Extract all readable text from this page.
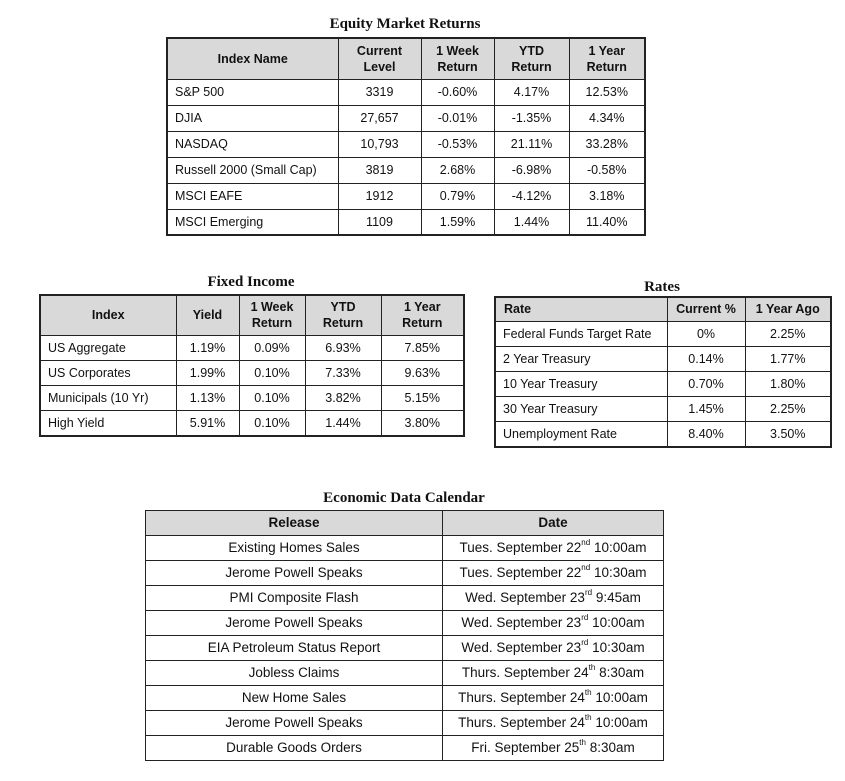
Equity Market Returns
Index Name	Current Level	1 Week Return	YTD Return	1 Year Return
S&P 500	3319	-0.60%	4.17%	12.53%
DJIA	27,657	-0.01%	-1.35%	4.34%
NASDAQ	10,793	-0.53%	21.11%	33.28%
Russell 2000 (Small Cap)	3819	2.68%	-6.98%	-0.58%
MSCI EAFE	1912	0.79%	-4.12%	3.18%
MSCI Emerging	1109	1.59%	1.44%	11.40%
Fixed Income
Index	Yield	1 Week Return	YTD Return	1 Year Return
US Aggregate	1.19%	0.09%	6.93%	7.85%
US Corporates	1.99%	0.10%	7.33%	9.63%
Municipals (10 Yr)	1.13%	0.10%	3.82%	5.15%
High Yield	5.91%	0.10%	1.44%	3.80%
Rates
Rate	Current %	1 Year Ago
Federal Funds Target Rate	0%	2.25%
2 Year Treasury	0.14%	1.77%
10 Year Treasury	0.70%	1.80%
30 Year Treasury	1.45%	2.25%
Unemployment Rate	8.40%	3.50%
Economic Data Calendar
Release	Date
Existing Homes Sales	Tues. September 22nd 10:00am
Jerome Powell Speaks	Tues. September 22nd 10:30am
PMI Composite Flash	Wed. September 23rd 9:45am
Jerome Powell Speaks	Wed. September 23rd 10:00am
EIA Petroleum Status Report	Wed. September 23rd 10:30am
Jobless Claims	Thurs. September 24th 8:30am
New Home Sales	Thurs. September 24th 10:00am
Jerome Powell Speaks	Thurs. September 24th 10:00am
Durable Goods Orders	Fri. September 25th 8:30am
